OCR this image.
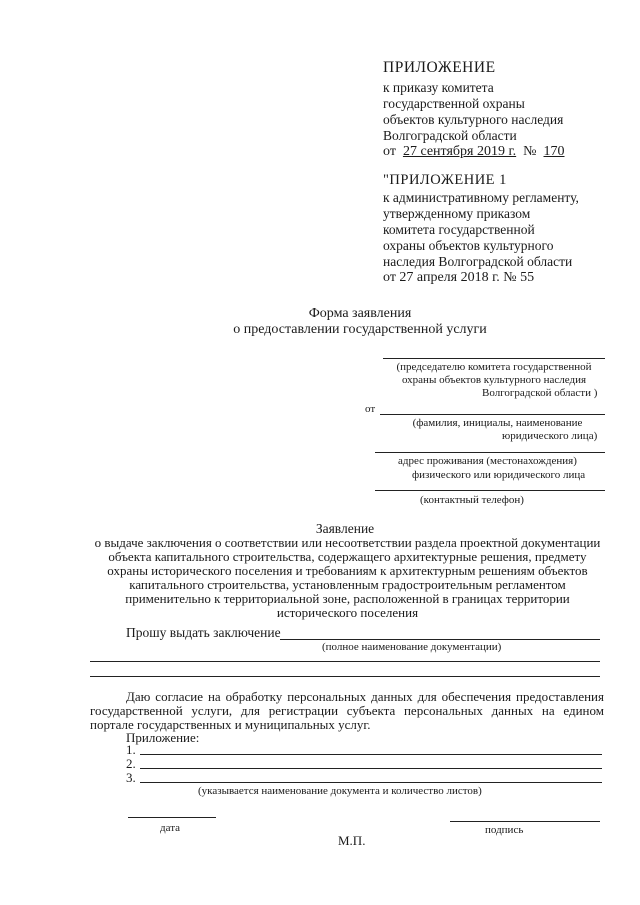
ПРИЛОЖЕНИЕ
к приказу комитета
государственной охраны
объектов культурного наследия
Волгоградской области
от 27 сентября 2019 г. № 170
"ПРИЛОЖЕНИЕ 1
к административному регламенту,
утвержденному приказом
комитета государственной
охраны объектов культурного
наследия Волгоградской области
от 27 апреля 2018 г. № 55
Форма заявления
о предоставлении государственной услуги
(председателю комитета государственной
охраны объектов культурного наследия
Волгоградской области )
от
(фамилия, инициалы, наименование
юридического лица)
адрес проживания (местонахождения)
физического или юридического лица
(контактный телефон)
Заявление
о выдаче заключения о соответствии или несоответствии раздела проектной документации
объекта капитального строительства, содержащего архитектурные решения, предмету
охраны исторического поселения и требованиям к архитектурным решениям объектов
капитального строительства, установленным градостроительным регламентом
применительно к территориальной зоне, расположенной в границах территории
исторического поселения
Прошу выдать заключение
(полное наименование документации)
Даю согласие на обработку персональных данных для обеспечения предоставления
государственной услуги, для регистрации субъекта персональных данных на едином
портале государственных и муниципальных услуг.
Приложение:
1.
2.
3.
(указывается наименование документа и количество листов)
дата	подпись
М.П.
